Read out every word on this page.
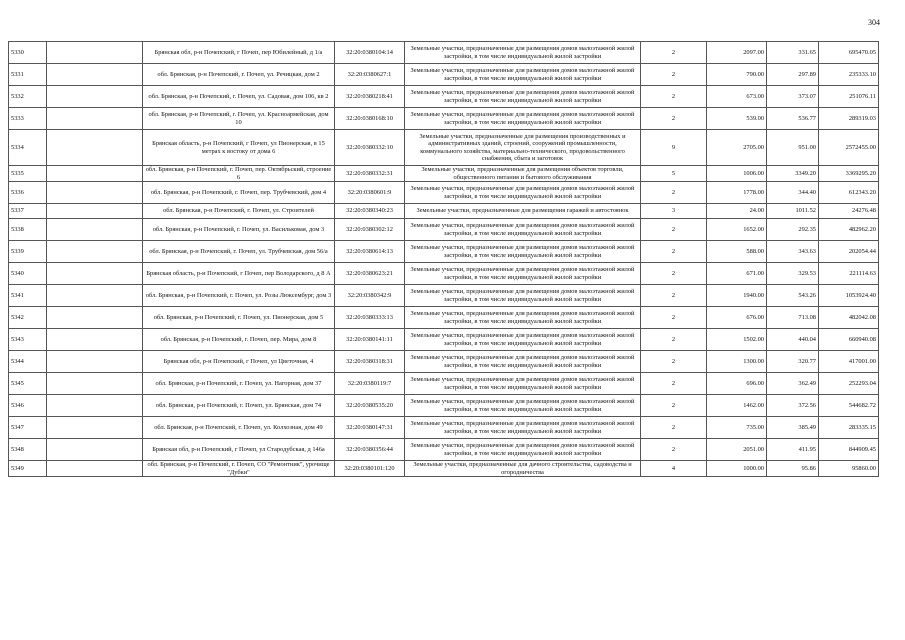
304
5330		Брянская обл, р-н Почепский, г Почеп, пер Юбилейный, д 1/а	32:20:0380104:14	Земельные участки, предназначенные для размещения домов малоэтажной жилой застройки, в том числе индивидуальной жилой застройки	2	2097.00	331.65	695470.05
5331		обл. Брянская, р-н Почепский, г. Почеп, ул. Речицкая, дом 2	32:20:0380627:1	Земельные участки, предназначенные для размещения домов малоэтажной жилой застройки, в том числе индивидуальной жилой застройки	2	790.00	297.89	235333.10
5332		обл. Брянская, р-н Почепский, г. Почеп, ул. Садовая, дом 106, кв 2	32:20:0380218:41	Земельные участки, предназначенные для размещения домов малоэтажной жилой застройки, в том числе индивидуальной жилой застройки	2	673.00	373.07	251076.11
5333		обл. Брянская, р-н Почепский, г. Почеп, ул. Красноармейская, дом 10	32:20:0380168:10	Земельные участки, предназначенные для размещения домов малоэтажной жилой застройки, в том числе индивидуальной жилой застройки	2	539.00	536.77	289319.03
5334		Брянская область, р-н Почепский, г Почеп, ул Пионерская, в 15 метрах к востоку от дома 6	32:20:0380332:10	Земельные участки, предназначенные для размещения производственных и административных зданий, строений, сооружений промышленности, коммунального хозяйства, материально-технического, продовольственного снабжения, сбыта и заготовок	9	2705.00	951.00	2572455.00
5335		обл. Брянская, р-н Почепский, г. Почеп, пер. Октябрьский, строение 6	32:20:0380332:31	Земельные участки, предназначенные для размещения объектов торговли, общественного питания и бытового обслуживания	5	1006.00	3349.20	3369295.20
5336		обл. Брянская, р-н Почепский, г. Почеп, пер. Трубчевский, дом 4	32:20:0380601:9	Земельные участки, предназначенные для размещения домов малоэтажной жилой застройки, в том числе индивидуальной жилой застройки	2	1778.00	344.40	612343.20
5337		обл. Брянская, р-н Почепский, г. Почеп, ул. Строителей	32:20:0380340:23	Земельные участки, предназначенные для размещения гаражей и автостоянок	3	24.00	1011.52	24276.48
5338		обл. Брянская, р-н Почепский, г. Почеп, ул. Васильковая, дом 3	32:20:0380302:12	Земельные участки, предназначенные для размещения домов малоэтажной жилой застройки, в том числе индивидуальной жилой застройки	2	1652.00	292.35	482962.20
5339		обл. Брянская, р-н Почепский, г. Почеп, ул. Трубчевская, дом 56/а	32:20:0380614:13	Земельные участки, предназначенные для размещения домов малоэтажной жилой застройки, в том числе индивидуальной жилой застройки	2	588.00	343.63	202054.44
5340		Брянская область, р-н Почепский, г Почеп, пер Володарского, д 8 А	32:20:0380623:21	Земельные участки, предназначенные для размещения домов малоэтажной жилой застройки, в том числе индивидуальной жилой застройки	2	671.00	329.53	221114.63
5341		обл. Брянская, р-н Почепский, г. Почеп, ул. Розы Люксембург, дом 3	32:20:0380342:9	Земельные участки, предназначенные для размещения домов малоэтажной жилой застройки, в том числе индивидуальной жилой застройки	2	1940.00	543.26	1053924.40
5342		обл. Брянская, р-н Почепский, г. Почеп, ул. Пионерская, дом 5	32:20:0380333:13	Земельные участки, предназначенные для размещения домов малоэтажной жилой застройки, в том числе индивидуальной жилой застройки	2	676.00	713.08	482042.08
5343		обл. Брянская, р-н Почепский, г. Почеп, пер. Мира, дом 8	32:20:0380141:11	Земельные участки, предназначенные для размещения домов малоэтажной жилой застройки, в том числе индивидуальной жилой застройки	2	1502.00	440.04	660940.08
5344		Брянская обл, р-н Почепский, г Почеп, ул Цветочная, 4	32:20:0380318:31	Земельные участки, предназначенные для размещения домов малоэтажной жилой застройки, в том числе индивидуальной жилой застройки	2	1300.00	320.77	417001.00
5345		обл. Брянская, р-н Почепский, г. Почеп, ул. Нагорная, дом 37	32:20:0380119:7	Земельные участки, предназначенные для размещения домов малоэтажной жилой застройки, в том числе индивидуальной жилой застройки	2	696.00	362.49	252293.04
5346		обл. Брянская, р-н Почепский, г. Почеп, ул. Брянская, дом 74	32:20:0380535:20	Земельные участки, предназначенные для размещения домов малоэтажной жилой застройки, в том числе индивидуальной жилой застройки	2	1462.00	372.56	544682.72
5347		обл. Брянская, р-н Почепский, г. Почеп, ул. Колхозная, дом 49	32:20:0380147:31	Земельные участки, предназначенные для размещения домов малоэтажной жилой застройки, в том числе индивидуальной жилой застройки	2	735.00	385.49	283335.15
5348		Брянская обл, р-н Почепский, г Почеп, ул Стародубская, д 146а	32:20:0380356:44	Земельные участки, предназначенные для размещения домов малоэтажной жилой застройки, в том числе индивидуальной жилой застройки	2	2051.00	411.95	844909.45
5349		обл. Брянская, р-н Почепский, г. Почеп, СО "Ремонтник", урочище "Дубки"	32:20:0380101:120	Земельные участки, предназначенные для дачного строительства, садоводства и огородничества	4	1000.00	95.86	95860.00
